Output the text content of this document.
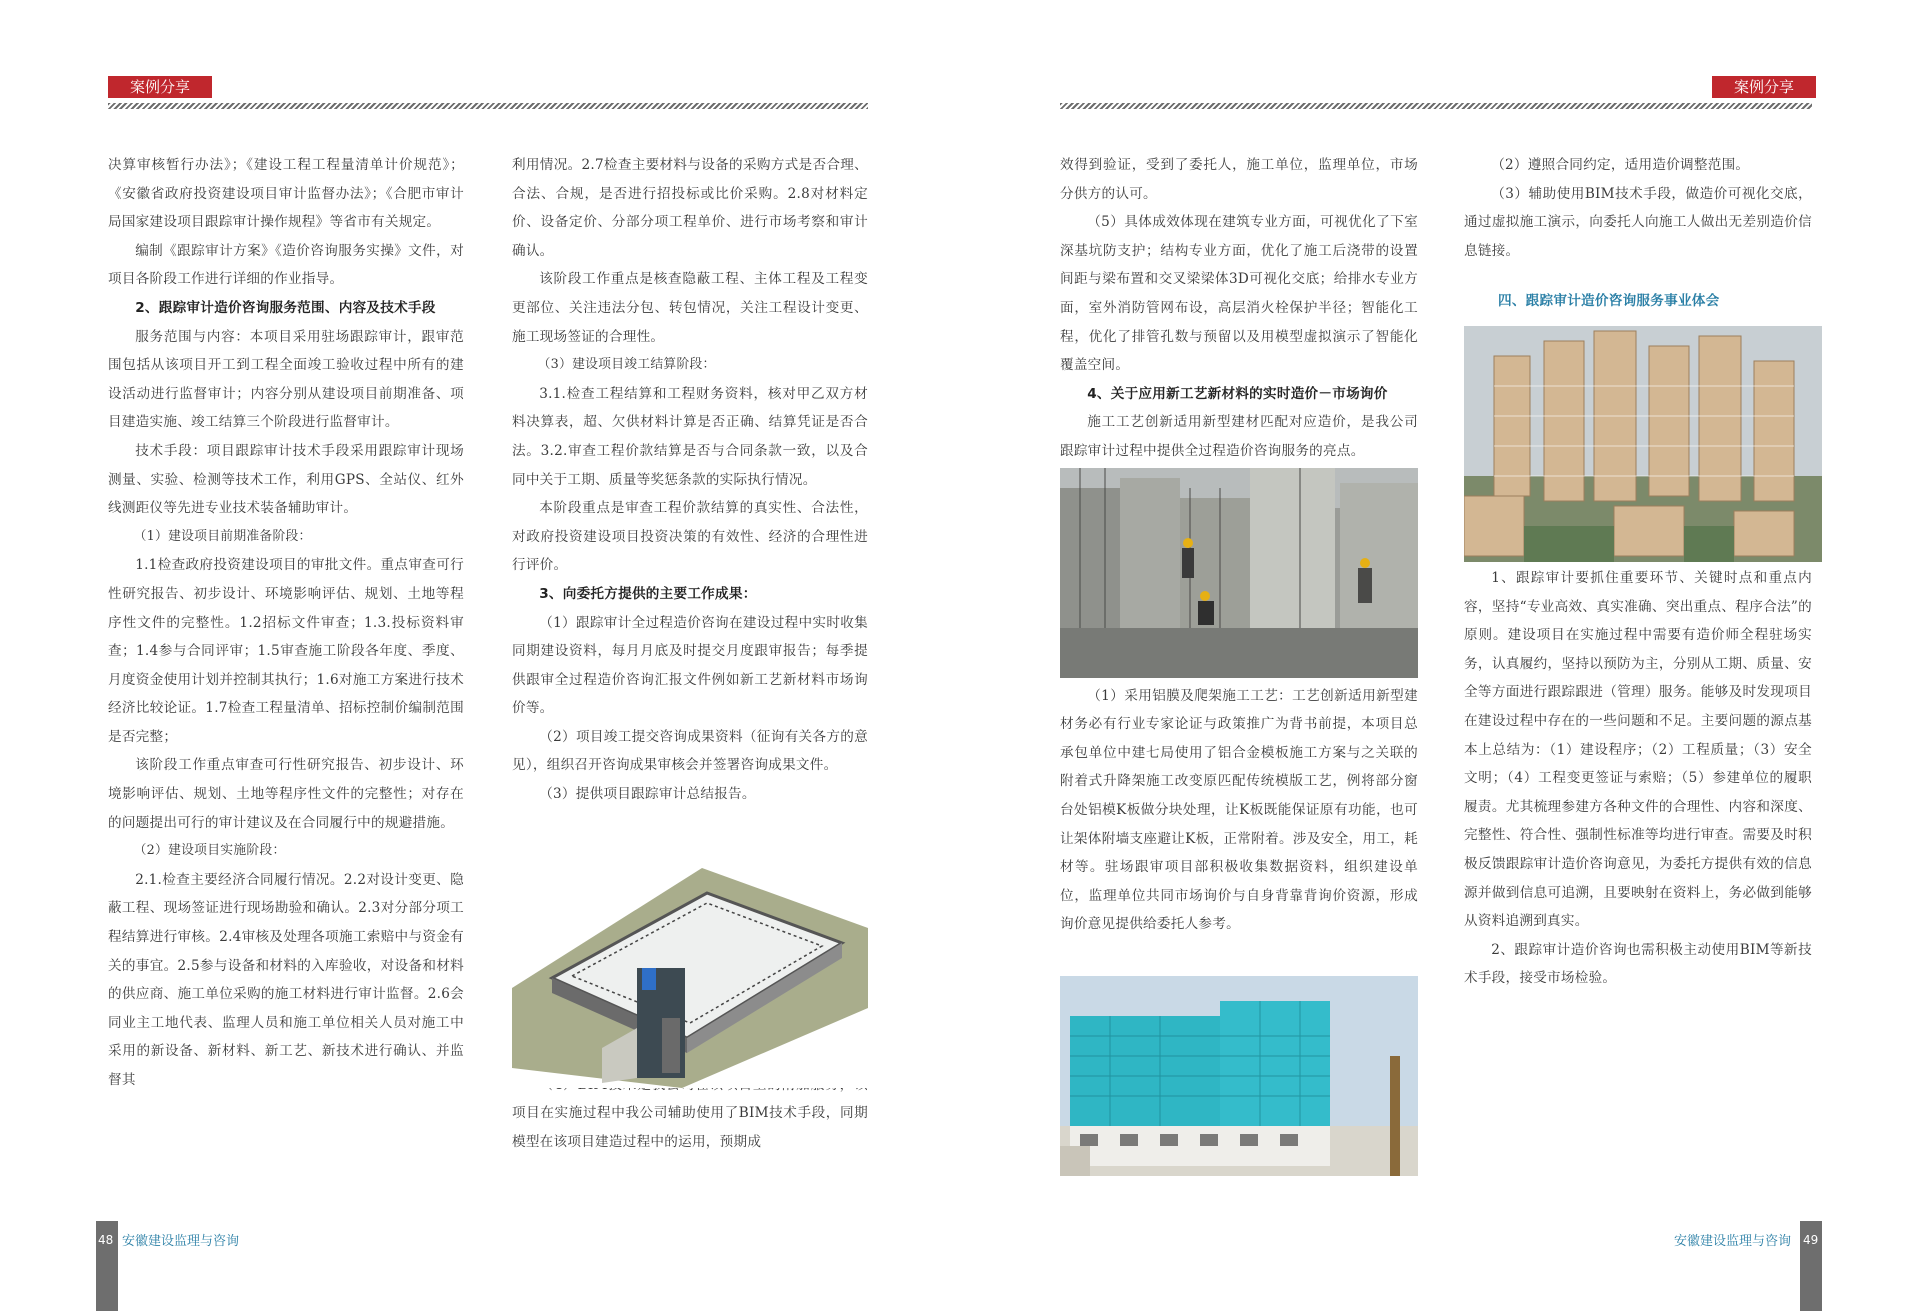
案例分享

决算审核暂行办法》；《建设工程工程量清单计价规范》；《安徽省政府投资建设项目审计监督办法》；《合肥市审计局国家建设项目跟踪审计操作规程》等省市有关规定。

编制《跟踪审计方案》《造价咨询服务实操》文件，对项目各阶段工作进行详细的作业指导。

2、跟踪审计造价咨询服务范围、内容及技术手段

服务范围与内容：本项目采用驻场跟踪审计，跟审范围包括从该项目开工到工程全面竣工验收过程中所有的建设活动进行监督审计；内容分别从建设项目前期准备、项目建造实施、竣工结算三个阶段进行监督审计。

技术手段：项目跟踪审计技术手段采用跟踪审计现场测量、实验、检测等技术工作，利用GPS、全站仪、红外线测距仪等先进专业技术装备辅助审计。

（1）建设项目前期准备阶段：

1.1检查政府投资建设项目的审批文件。重点审查可行性研究报告、初步设计、环境影响评估、规划、土地等程序性文件的完整性。1.2招标文件审查；1.3.投标资料审查；1.4参与合同评审；1.5审查施工阶段各年度、季度、月度资金使用计划并控制其执行；1.6对施工方案进行技术经济比较论证。1.7检查工程量清单、招标控制价编制范围是否完整；

该阶段工作重点审查可行性研究报告、初步设计、环境影响评估、规划、土地等程序性文件的完整性；对存在的问题提出可行的审计建议及在合同履行中的规避措施。

（2）建设项目实施阶段：

2.1.检查主要经济合同履行情况。2.2对设计变更、隐蔽工程、现场签证进行现场勘验和确认。2.3对分部分项工程结算进行审核。2.4审核及处理各项施工索赔中与资金有关的事宜。2.5参与设备和材料的入库验收，对设备和材料的供应商、施工单位采购的施工材料进行审计监督。2.6会同业主工地代表、监理人员和施工单位相关人员对施工中采用的新设备、新材料、新工艺、新技术进行确认、并监督其

利用情况。2.7检查主要材料与设备的采购方式是否合理、合法、合规，是否进行招投标或比价采购。2.8对材料定价、设备定价、分部分项工程单价、进行市场考察和审计确认。

该阶段工作重点是核查隐蔽工程、主体工程及工程变更部位、关注违法分包、转包情况，关注工程设计变更、施工现场签证的合理性。

（3）建设项目竣工结算阶段：

3.1.检查工程结算和工程财务资料，核对甲乙双方材料决算表，超、欠供材料计算是否正确、结算凭证是否合法。3.2.审查工程价款结算是否与合同条款一致，以及合同中关于工期、质量等奖惩条款的实际执行情况。

本阶段重点是审查工程价款结算的真实性、合法性，对政府投资建设项目投资决策的有效性、经济的合理性进行评价。

3、向委托方提供的主要工作成果：

（1）跟踪审计全过程造价咨询在建设过程中实时收集同期建设资料，每月月底及时提交月度跟审报告；每季提供跟审全过程造价咨询汇报文件例如新工艺新材料市场询价等。

（2）项目竣工提交咨询成果资料（征询有关各方的意见），组织召开咨询成果审核会并签署咨询成果文件。

（3）提供项目跟踪审计总结报告。

项目在实施过程中我公司辅助使用了BIM技术手段，同期模型在该项目建造过程中的运用，预期成

48 安徽建设监理与咨询
案例分享

效得到验证，受到了委托人，施工单位，监理单位，市场分供方的认可。

（5）具体成效体现在建筑专业方面，可视优化了下室深基坑防支护；结构专业方面，优化了施工后浇带的设置间距与梁布置和交叉梁梁体3D可视化交底；给排水专业方面，室外消防管网布设，高层消火栓保护半径；智能化工程，优化了排管孔数与预留以及用模型虚拟演示了智能化覆盖空间。

4、关于应用新工艺新材料的实时造价－市场询价

施工工艺创新适用新型建材匹配对应造价，是我公司跟踪审计过程中提供全过程造价咨询服务的亮点。

（1）采用铝膜及爬架施工工艺：工艺创新适用新型建材务必有行业专家论证与政策推广为背书前提，本项目总承包单位中建七局使用了铝合金模板施工方案与之关联的附着式升降架施工改变原匹配传统模版工艺，例将部分窗台处铝模K板做分块处理，让K板既能保证原有功能，也可让架体附墙支座避让K板，正常附着。涉及安全，用工，耗材等。驻场跟审项目部积极收集数据资料，组织建设单位，监理单位共同市场询价与自身背靠背询价资源，形成询价意见提供给委托人参考。

（2）遵照合同约定，适用造价调整范围。

（3）辅助使用BIM技术手段，做造价可视化交底，通过虚拟施工演示，向委托人向施工人做出无差别造价信息链接。

四、跟踪审计造价咨询服务事业体会

1、跟踪审计要抓住重要环节、关键时点和重点内容，坚持“专业高效、真实准确、突出重点、程序合法”的原则。建设项目在实施过程中需要有造价师全程驻场实务，认真履约，坚持以预防为主，分别从工期、质量、安全等方面进行跟踪跟进（管理）服务。能够及时发现项目在建设过程中存在的一些问题和不足。主要问题的源点基本上总结为：（1）建设程序；（2）工程质量；（3）安全文明；（4）工程变更签证与索赔；（5）参建单位的履职履责。尤其梳理参建方各种文件的合理性、内容和深度、完整性、符合性、强制性标准等均进行审查。需要及时积极反馈跟踪审计造价咨询意见，为委托方提供有效的信息源并做到信息可追溯，且要映射在资料上，务必做到能够从资料追溯到真实。

2、跟踪审计造价咨询也需积极主动使用BIM等新技术手段，接受市场检验。

49
安徽建设监理与咨询
